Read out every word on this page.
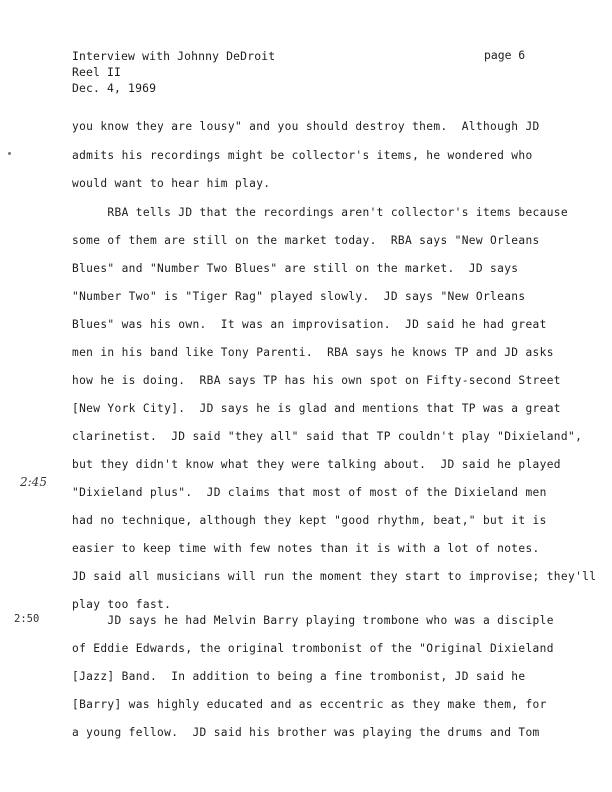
Interview with Johnny DeDroit
Reel II
Dec. 4, 1969
page 6
2:45
2:50
you know they are lousy" and you should destroy them.  Although JD
admits his recordings might be collector's items, he wondered who
would want to hear him play.
RBA tells JD that the recordings aren't collector's items because
some of them are still on the market today.  RBA says "New Orleans
Blues" and "Number Two Blues" are still on the market.  JD says
"Number Two" is "Tiger Rag" played slowly.  JD says "New Orleans
Blues" was his own.  It was an improvisation.  JD said he had great
men in his band like Tony Parenti.  RBA says he knows TP and JD asks
how he is doing.  RBA says TP has his own spot on Fifty-second Street
[New York City].  JD says he is glad and mentions that TP was a great
clarinetist.  JD said "they all" said that TP couldn't play "Dixieland",
but they didn't know what they were talking about.  JD said he played
"Dixieland plus".  JD claims that most of most of the Dixieland men
had no technique, although they kept "good rhythm, beat," but it is
easier to keep time with few notes than it is with a lot of notes.
JD said all musicians will run the moment they start to improvise; they'll
play too fast.
JD says he had Melvin Barry playing trombone who was a disciple
of Eddie Edwards, the original trombonist of the "Original Dixieland
[Jazz] Band.  In addition to being a fine trombonist, JD said he
[Barry] was highly educated and as eccentric as they make them, for
a young fellow.  JD said his brother was playing the drums and Tom
